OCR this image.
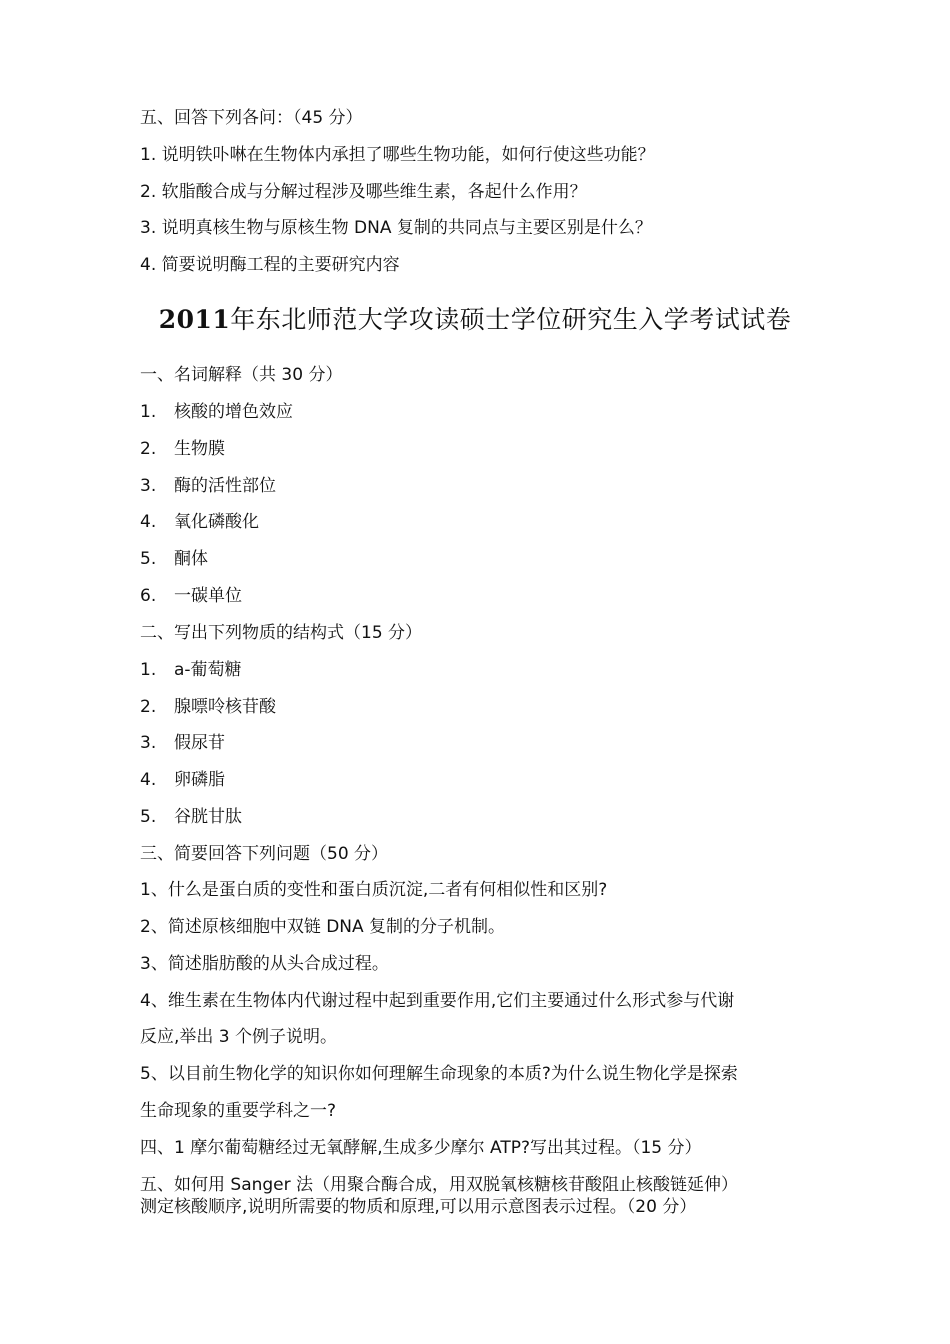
五、回答下列各问：（45 分）
1. 说明铁卟啉在生物体内承担了哪些生物功能，如何行使这些功能？
2. 软脂酸合成与分解过程涉及哪些维生素，各起什么作用？
3. 说明真核生物与原核生物 DNA 复制的共同点与主要区别是什么？
4. 简要说明酶工程的主要研究内容
2011年东北师范大学攻读硕士学位研究生入学考试试卷
一、名词解释（共 30 分）
1.	核酸的增色效应
2.	生物膜
3.	酶的活性部位
4.	氧化磷酸化
5.	酮体
6.	一碳单位
二、写出下列物质的结构式（15 分）
1.	a-葡萄糖
2.	腺嘌呤核苷酸
3.	假尿苷
4.	卵磷脂
5.	谷胱甘肽
三、简要回答下列问题（50 分）
1、什么是蛋白质的变性和蛋白质沉淀,二者有何相似性和区别?
2、简述原核细胞中双链 DNA 复制的分子机制。
3、简述脂肪酸的从头合成过程。
4、维生素在生物体内代谢过程中起到重要作用,它们主要通过什么形式参与代谢
反应,举出 3 个例子说明。
5、以目前生物化学的知识你如何理解生命现象的本质?为什么说生物化学是探索
生命现象的重要学科之一?
四、1 摩尔葡萄糖经过无氧酵解,生成多少摩尔 ATP?写出其过程。（15 分）
五、如何用 Sanger 法（用聚合酶合成，用双脱氧核糖核苷酸阻止核酸链延伸）
测定核酸顺序,说明所需要的物质和原理,可以用示意图表示过程。（20 分）
